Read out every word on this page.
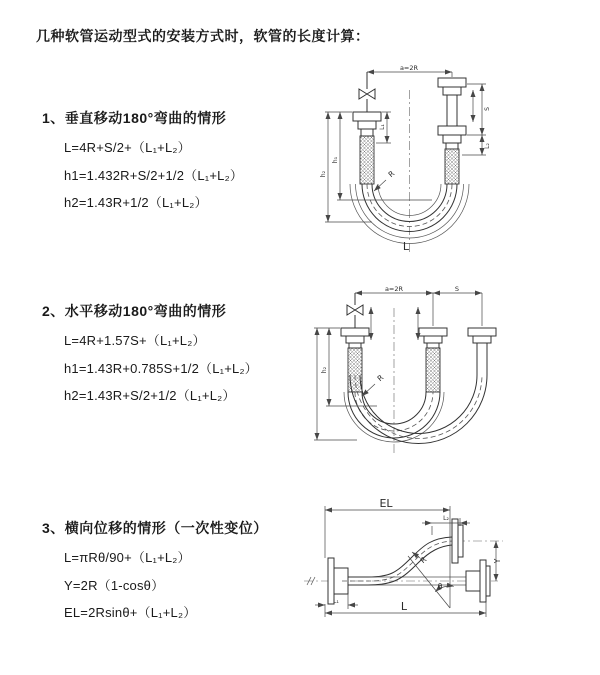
几种软管运动型式的安装方式时，软管的长度计算：
1、垂直移动180°弯曲的情形
L=4R+S/2+（L₁+L₂）
h1=1.432R+S/2+1/2（L₁+L₂）
h2=1.43R+1/2（L₁+L₂）
2、水平移动180°弯曲的情形
L=4R+1.57S+（L₁+L₂）
h1=1.43R+0.785S+1/2（L₁+L₂）
h2=1.43R+S/2+1/2（L₁+L₂）
3、横向位移的情形（一次性变位）
L=πRθ/90+（L₁+L₂）
Y=2R（1-cosθ）
EL=2Rsinθ+（L₁+L₂）
a=2R
h₁
h₂
L₁
S
L₂
R
L
a=2R	S
h₂
R
θ
EL
L₂
Y
R
L₁	L
